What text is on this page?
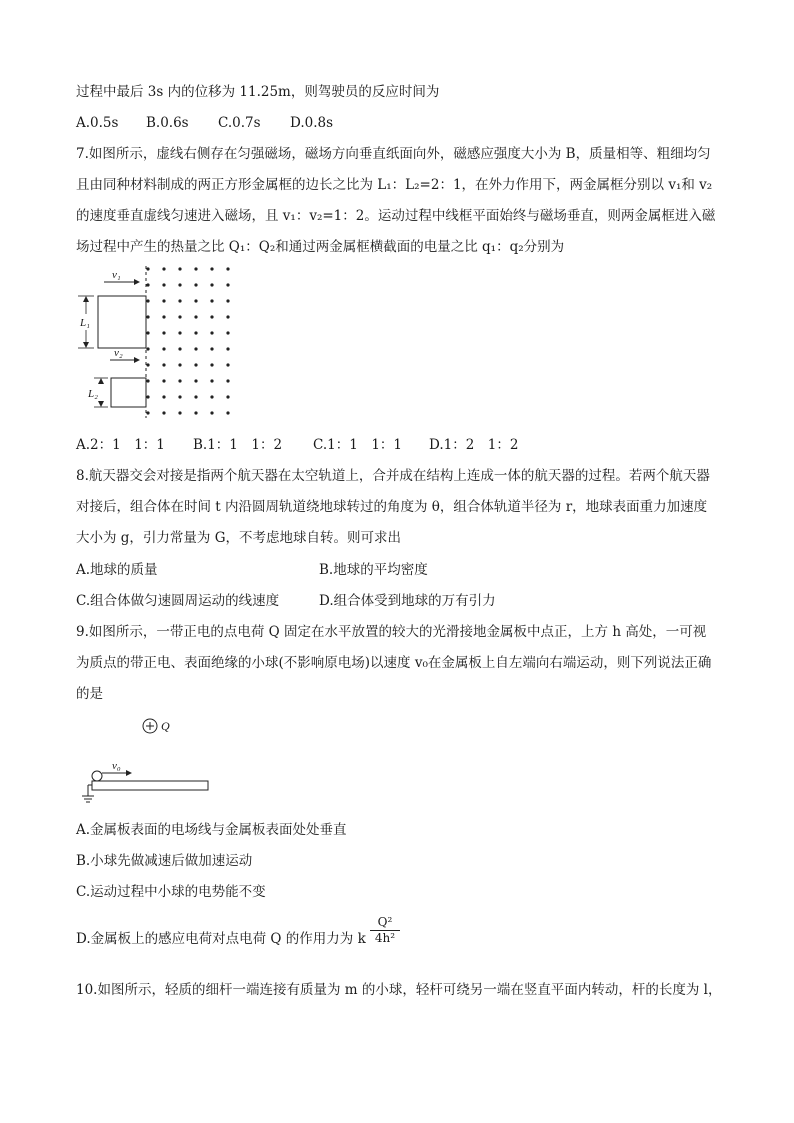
过程中最后 3s 内的位移为 11.25m，则驾驶员的反应时间为
A.0.5s B.0.6s C.0.7s D.0.8s
7.如图所示，虚线右侧存在匀强磁场，磁场方向垂直纸面向外，磁感应强度大小为 B，质量相等、粗细均匀
且由同种材料制成的两正方形金属框的边长之比为 L₁：L₂=2：1，在外力作用下，两金属框分别以 v₁和 v₂
的速度垂直虚线匀速进入磁场，且 v₁：v₂=1：2。运动过程中线框平面始终与磁场垂直，则两金属框进入磁
场过程中产生的热量之比 Q₁：Q₂和通过两金属框横截面的电量之比 q₁：q₂分别为
v₁
L₁
v₂
L₂
A.2：1　1：1 B.1：1　1：2 C.1：1　1：1 D.1：2　1：2
8.航天器交会对接是指两个航天器在太空轨道上，合并成在结构上连成一体的航天器的过程。若两个航天器
对接后，组合体在时间 t 内沿圆周轨道绕地球转过的角度为 θ，组合体轨道半径为 r，地球表面重力加速度
大小为 g，引力常量为 G，不考虑地球自转。则可求出
A.地球的质量	B.地球的平均密度
C.组合体做匀速圆周运动的线速度	D.组合体受到地球的万有引力
9.如图所示，一带正电的点电荷 Q 固定在水平放置的较大的光滑接地金属板中点正，上方 h 高处，一可视
为质点的带正电、表面绝缘的小球(不影响原电场)以速度 v₀在金属板上自左端向右端运动，则下列说法正确
的是
Q
v₀
A.金属板表面的电场线与金属板表面处处垂直
B.小球先做减速后做加速运动
C.运动过程中小球的电势能不变
D.金属板上的感应电荷对点电荷 Q 的作用力为 k $\frac{\text{Q²}}{\text{4h²}}$
10.如图所示，轻质的细杆一端连接有质量为 m 的小球，轻杆可绕另一端在竖直平面内转动，杆的长度为 l，
